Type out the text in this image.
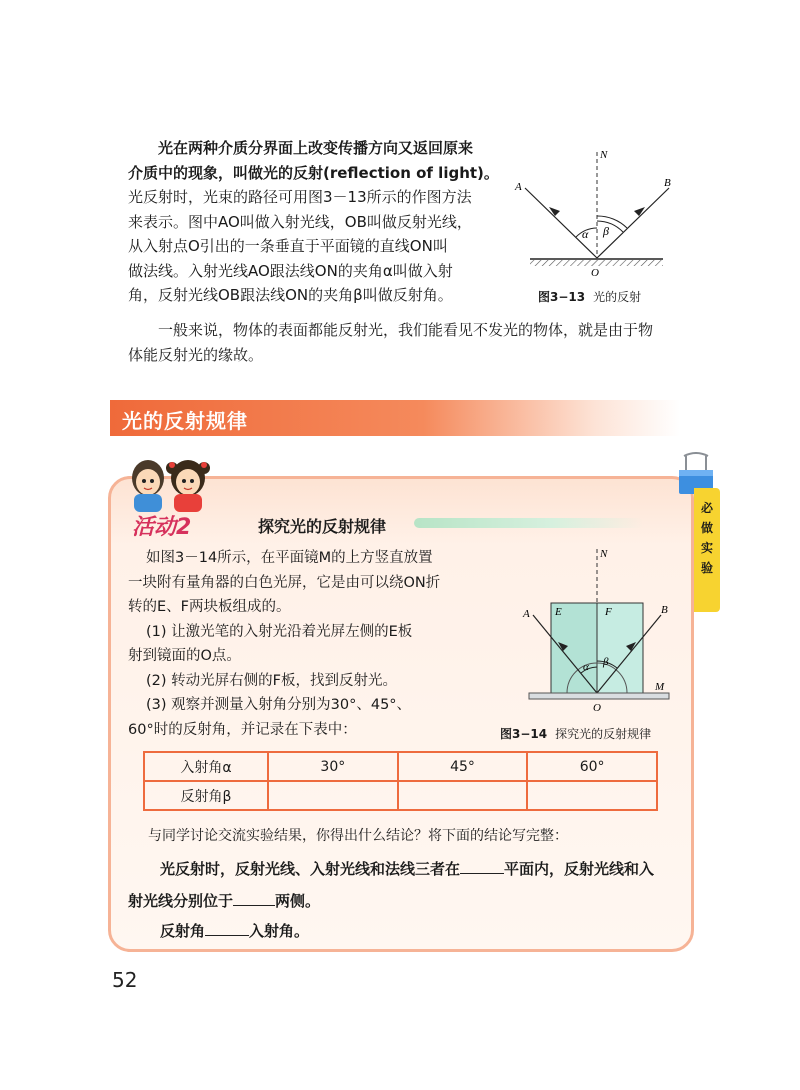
光在两种介质分界面上改变传播方向又返回原来
介质中的现象，叫做光的反射(reflection of light)。
光反射时，光束的路径可用图3－13所示的作图方法
来表示。图中AO叫做入射光线，OB叫做反射光线，
从入射点O引出的一条垂直于平面镜的直线ON叫
做法线。入射光线AO跟法线ON的夹角α叫做入射
角，反射光线OB跟法线ON的夹角β叫做反射角。
一般来说，物体的表面都能反射光，我们能看见不发光的物体，就是由于物
体能反射光的缘故。
N
A	B
O
α β
图3−13 光的反射
光的反射规律
必
做
实
验
活动2	探究光的反射规律
如图3－14所示，在平面镜M的上方竖直放置
一块附有量角器的白色光屏，它是由可以绕ON折
转的E、F两块板组成的。
(1) 让激光笔的入射光沿着光屏左侧的E板
射到镜面的O点。
(2) 转动光屏右侧的F板，找到反射光。
(3) 观察并测量入射角分别为30°、45°、
60°时的反射角，并记录在下表中：
N
A	B
E	F
O
M
α β
图3−14 探究光的反射规律
入射角α	30°	45°	60°
反射角β			
与同学讨论交流实验结果，你得出什么结论？将下面的结论写完整：
光反射时，反射光线、入射光线和法线三者在	平面内，反射光线和入
射光线分别位于	两侧。
反射角	入射角。
52
